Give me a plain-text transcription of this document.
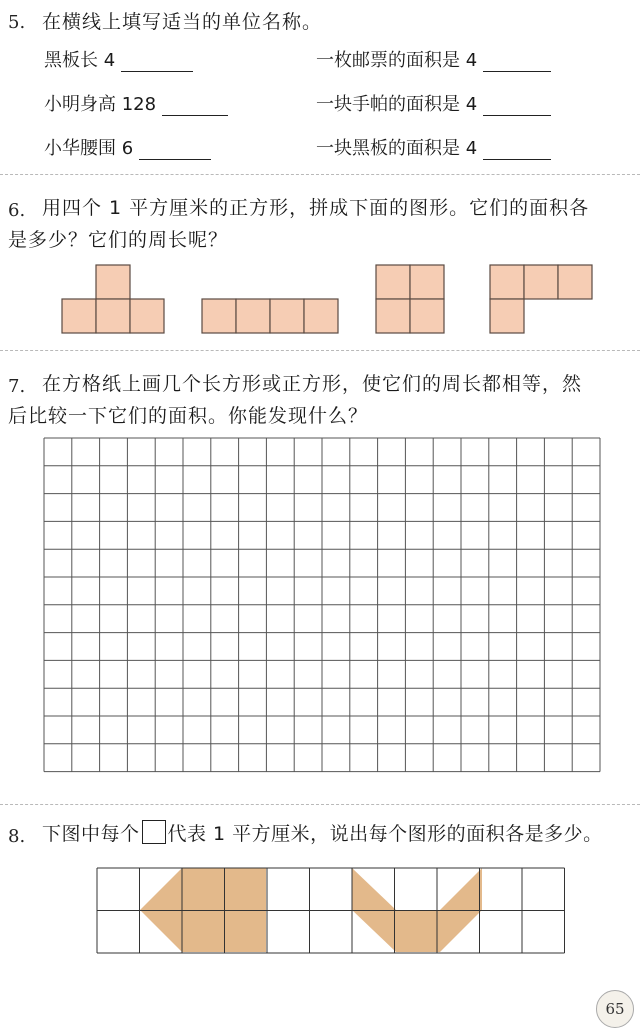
5. 在横线上填写适当的单位名称。
黑板长 4	一枚邮票的面积是 4
小明身高 128	一块手帕的面积是 4
小华腰围 6	一块黑板的面积是 4
6. 用四个 1 平方厘米的正方形，拼成下面的图形。它们的面积各
是多少？它们的周长呢？
7. 在方格纸上画几个长方形或正方形，使它们的周长都相等，然
后比较一下它们的面积。你能发现什么？
8. 下图中每个 代表 1 平方厘米，说出每个图形的面积各是多少。
65
